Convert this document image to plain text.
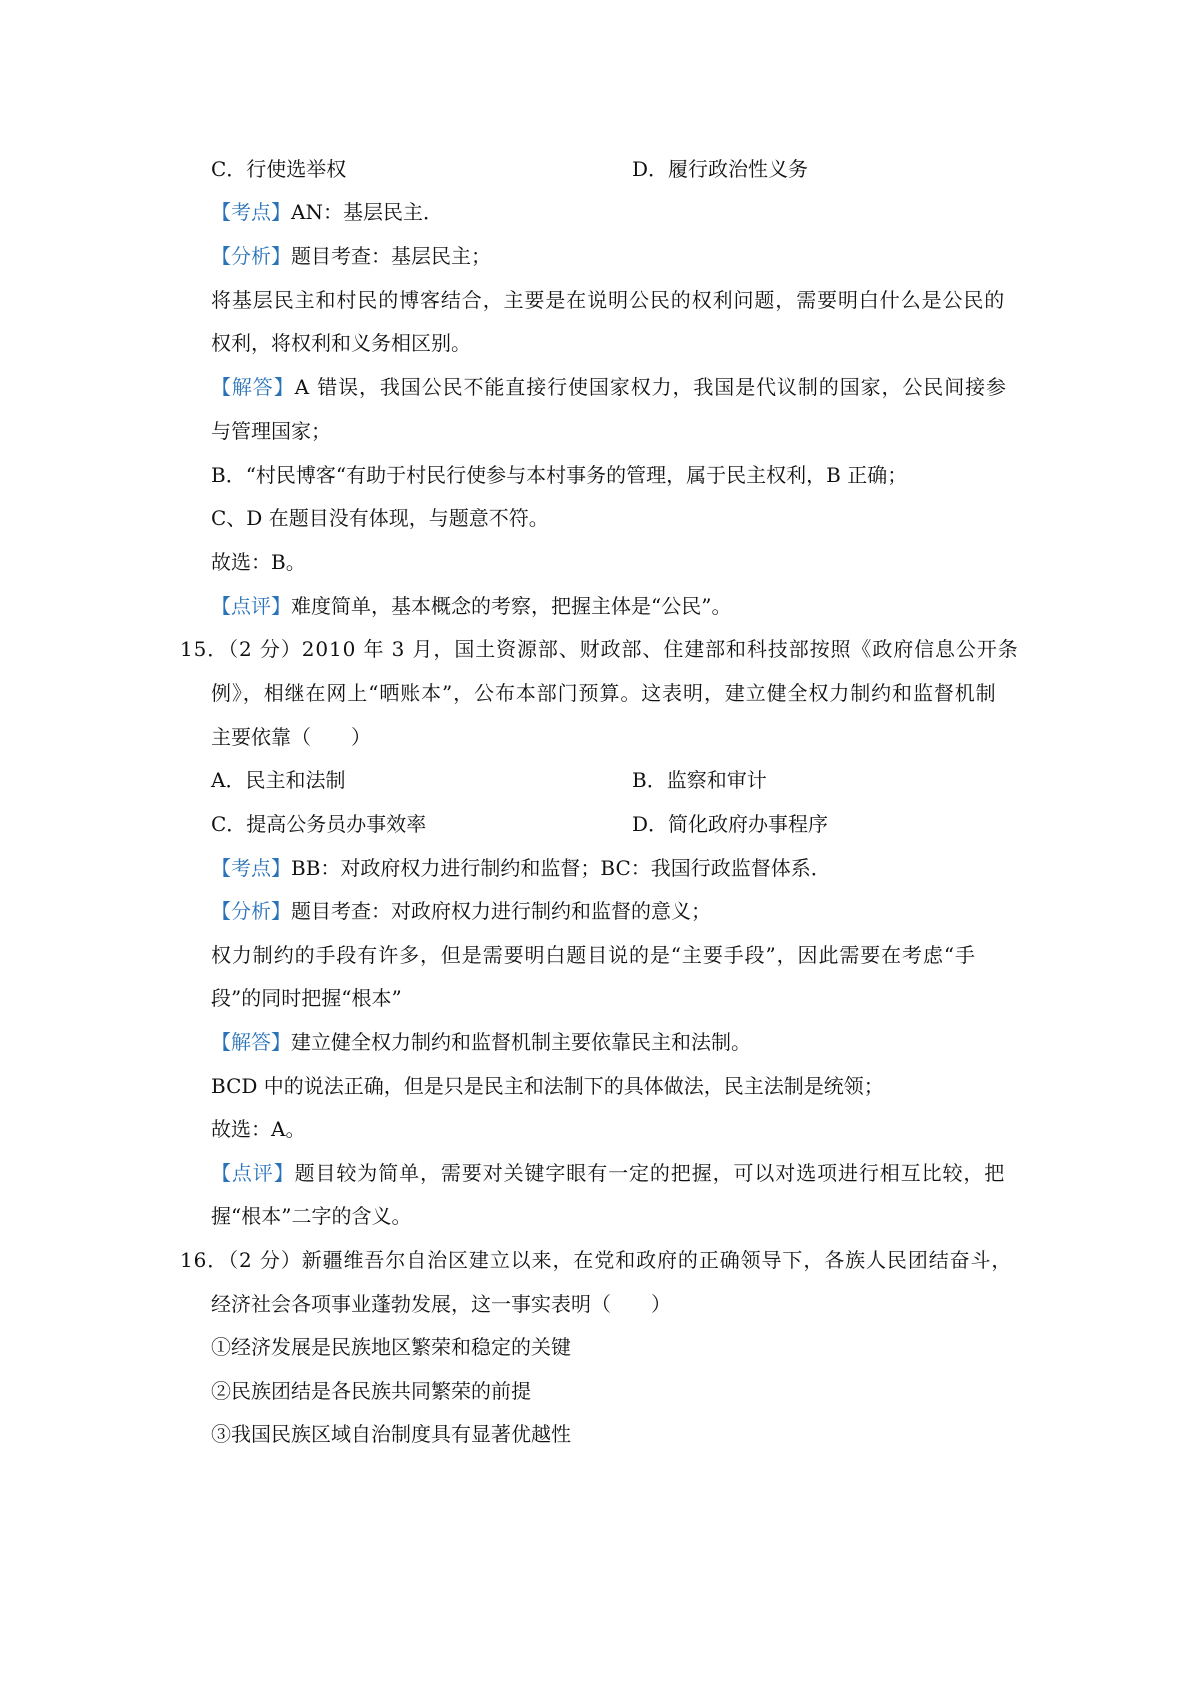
C．行使选举权	D．履行政治性义务
【考点】AN：基层民主．
【分析】题目考查：基层民主；
将基层民主和村民的博客结合，主要是在说明公民的权利问题，需要明白什么是公民的
权利，将权利和义务相区别。
【解答】A 错误，我国公民不能直接行使国家权力，我国是代议制的国家，公民间接参
与管理国家；
B．“村民博客“有助于村民行使参与本村事务的管理，属于民主权利，B 正确；
C、D 在题目没有体现，与题意不符。
故选：B。
【点评】难度简单，基本概念的考察，把握主体是“公民”。
15．（2 分）2010 年 3 月，国土资源部、财政部、住建部和科技部按照《政府信息公开条
例》，相继在网上“晒账本”，公布本部门预算。这表明，建立健全权力制约和监督机制
主要依靠（　　）
A．民主和法制	B．监察和审计
C．提高公务员办事效率	D．简化政府办事程序
【考点】BB：对政府权力进行制约和监督；BC：我国行政监督体系．
【分析】题目考查：对政府权力进行制约和监督的意义；
权力制约的手段有许多，但是需要明白题目说的是“主要手段”，因此需要在考虑“手
段”的同时把握“根本”
【解答】建立健全权力制约和监督机制主要依靠民主和法制。
BCD 中的说法正确，但是只是民主和法制下的具体做法，民主法制是统领；
故选：A。
【点评】题目较为简单，需要对关键字眼有一定的把握，可以对选项进行相互比较，把
握“根本”二字的含义。
16．（2 分）新疆维吾尔自治区建立以来，在党和政府的正确领导下，各族人民团结奋斗，
经济社会各项事业蓬勃发展，这一事实表明（　　）
①经济发展是民族地区繁荣和稳定的关键
②民族团结是各民族共同繁荣的前提
③我国民族区域自治制度具有显著优越性
